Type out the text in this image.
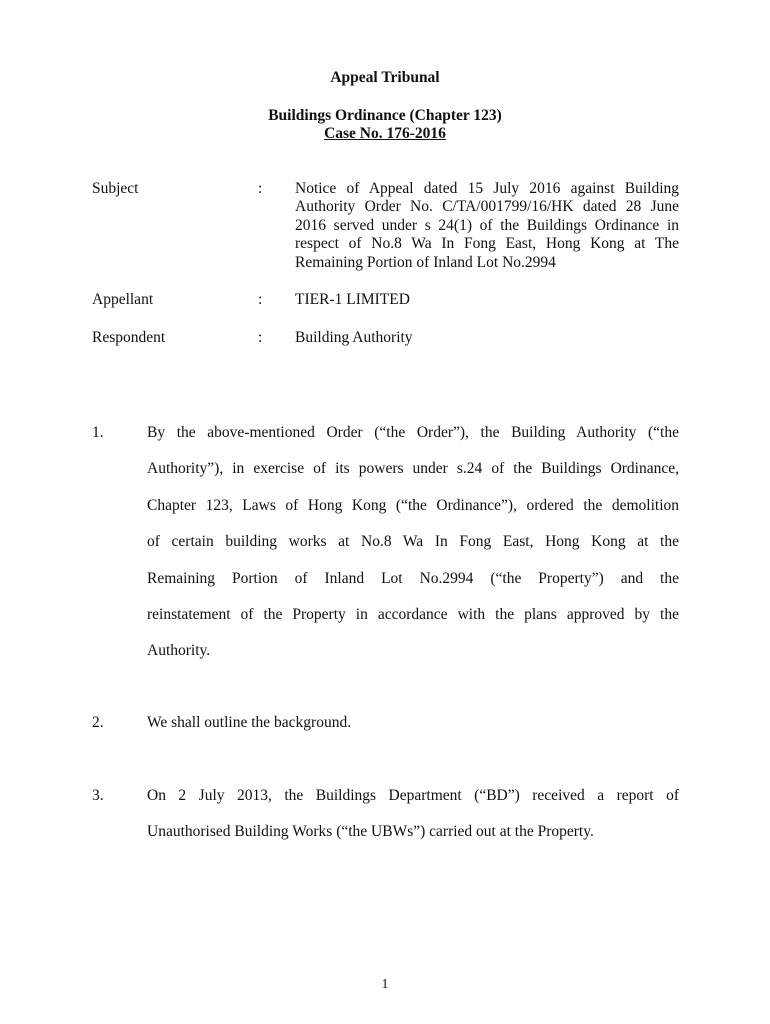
Appeal Tribunal
Buildings Ordinance (Chapter 123)
Case No. 176-2016
Subject	: Notice of Appeal dated 15 July 2016 against Building
Authority Order No. C/TA/001799/16/HK dated 28 June
2016 served under s 24(1) of the Buildings Ordinance in
respect of No.8 Wa In Fong East, Hong Kong at The
Remaining Portion of Inland Lot No.2994
Appellant	: TIER-1 LIMITED
Respondent	: Building Authority
1.	By the above-mentioned Order (“the Order”), the Building Authority (“the
Authority”), in exercise of its powers under s.24 of the Buildings Ordinance,
Chapter 123, Laws of Hong Kong (“the Ordinance”), ordered the demolition
of certain building works at No.8 Wa In Fong East, Hong Kong at the
Remaining Portion of Inland Lot No.2994 (“the Property”) and the
reinstatement of the Property in accordance with the plans approved by the
Authority.
2.	We shall outline the background.
3.	On 2 July 2013, the Buildings Department (“BD”) received a report of
Unauthorised Building Works (“the UBWs”) carried out at the Property.
1
